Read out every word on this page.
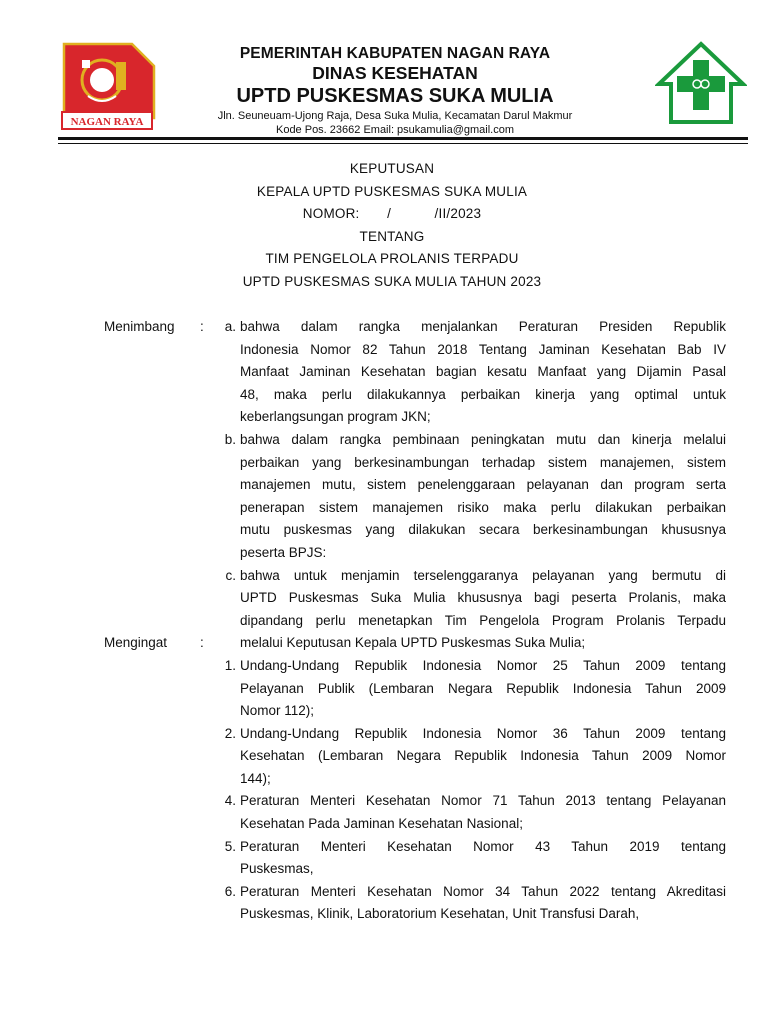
NAGAN RAYA
PEMERINTAH KABUPATEN NAGAN RAYA
DINAS KESEHATAN
UPTD PUSKESMAS SUKA MULIA
Jln. Seuneuam-Ujong Raja, Desa Suka Mulia, Kecamatan Darul Makmur
Kode Pos. 23662 Email: psukamulia@gmail.com
KEPUTUSAN
KEPALA UPTD PUSKESMAS SUKA MULIA
NOMOR:       /           /II/2023
TENTANG
TIM PENGELOLA PROLANIS TERPADU
UPTD PUSKESMAS SUKA MULIA TAHUN 2023
Menimbang	:	a. bahwa dalam rangka menjalankan Peraturan Presiden Republik
Indonesia Nomor 82 Tahun 2018 Tentang Jaminan Kesehatan Bab IV
Manfaat Jaminan Kesehatan bagian kesatu Manfaat yang Dijamin Pasal
48, maka perlu dilakukannya perbaikan kinerja yang optimal untuk
keberlangsungan program JKN;
b. bahwa dalam rangka pembinaan peningkatan mutu dan kinerja melalui
perbaikan yang berkesinambungan terhadap sistem manajemen, sistem
manajemen mutu, sistem penelenggaraan pelayanan dan program serta
penerapan sistem manajemen risiko maka perlu dilakukan perbaikan
mutu puskesmas yang dilakukan secara berkesinambungan khususnya
peserta BPJS:
c. bahwa untuk menjamin terselenggaranya pelayanan yang bermutu di
UPTD Puskesmas Suka Mulia khususnya bagi peserta Prolanis, maka
dipandang perlu menetapkan Tim Pengelola Program Prolanis Terpadu
Mengingat	:	melalui Keputusan Kepala UPTD Puskesmas Suka Mulia;
1. Undang-Undang Republik Indonesia Nomor 25 Tahun 2009 tentang
Pelayanan Publik (Lembaran Negara Republik Indonesia Tahun 2009
Nomor 112);
2. Undang-Undang Republik Indonesia Nomor 36 Tahun 2009 tentang
Kesehatan (Lembaran Negara Republik Indonesia Tahun 2009 Nomor
144);
4. Peraturan Menteri Kesehatan Nomor 71 Tahun 2013 tentang Pelayanan
Kesehatan Pada Jaminan Kesehatan Nasional;
5. Peraturan Menteri Kesehatan Nomor 43 Tahun 2019 tentang
Puskesmas,
6. Peraturan Menteri Kesehatan Nomor 34 Tahun 2022 tentang Akreditasi
Puskesmas, Klinik, Laboratorium Kesehatan, Unit Transfusi Darah,
